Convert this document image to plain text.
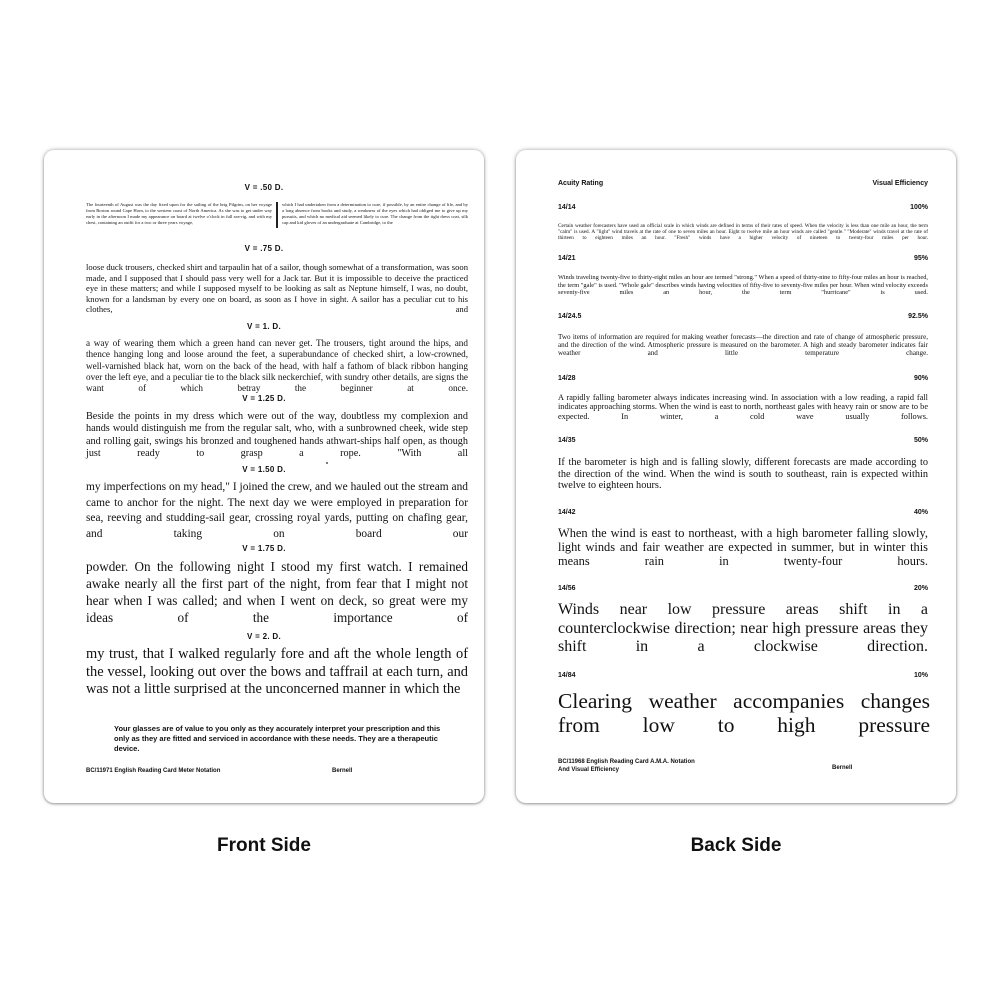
V = .50 D.
The fourteenth of August was the day fixed upon for the sailing of the brig Pilgrim, on her voyage from Boston round Cape Horn, to the western coast of North America. As she was to get under way early in the afternoon I made my appearance on board at twelve o'clock in full sea-rig, and with my chest, containing an outfit for a two or three years voyage,
which I had undertaken from a determination to cure, if possible, by an entire change of life, and by a long absence from books and study, a weakness of the eyes which had obliged me to give up my pursuits, and which no medical aid seemed likely to cure. The change from the tight dress coat, silk cap and kid gloves of an undergraduate at Cambridge, to the
V = .75 D.

loose duck trousers, checked shirt and tarpaulin hat of a sailor, though somewhat of a transformation, was soon made, and I supposed that I should pass very well for a Jack tar. But it is impossible to deceive the practiced eye in these matters; and while I supposed myself to be looking as salt as Neptune himself, I was, no doubt, known for a landsman by every one on board, as soon as I hove in sight. A sailor has a peculiar cut to his clothes, and

V = 1. D.

a way of wearing them which a green hand can never get. The trousers, tight around the hips, and thence hanging long and loose around the feet, a superabundance of checked shirt, a low-crowned, well-varnished black hat, worn on the back of the head, with half a fathom of black ribbon hanging over the left eye, and a peculiar tie to the black silk neckerchief, with sundry other details, are signs the want of which betray the beginner at once.

V = 1.25 D.

Beside the points in my dress which were out of the way, doubtless my complexion and hands would distinguish me from the regular salt, who, with a sunbrowned cheek, wide step and rolling gait, swings his bronzed and toughened hands athwart-ships half open, as though just ready to grasp a rope. "With all

V = 1.50 D.

my imperfections on my head," I joined the crew, and we hauled out the stream and came to anchor for the night. The next day we were employed in preparation for sea, reeving and studding-sail gear, crossing royal yards, putting on chafing gear, and taking on board our

V = 1.75 D.

powder. On the following night I stood my first watch. I remained awake nearly all the first part of the night, from fear that I might not hear when I was called; and when I went on deck, so great were my ideas of the importance of

V = 2. D.

my trust, that I walked regularly fore and aft the whole length of the vessel, looking out over the bows and taffrail at each turn, and was not a little surprised at the unconcerned manner in which the

Your glasses are of value to you only as they accurately interpret your prescription and this only as they are fitted and serviced in accordance with these needs. They are a therapeutic device.
BC/11971 English Reading Card Meter Notation	Bernell
Acuity Rating	Visual Efficiency
14/14	100%

Certain weather forecasters have used an official scale in which winds are defined in terms of their rates of speed. When the velocity is less than one mile an hour, the term "calm" is used. A "light" wind travels at the rate of one to seven miles an hour. Eight to twelve mile an hour winds are called "gentle." "Moderate" winds travel at the rate of thirteen to eighteen miles an hour. "Fresh" winds have a higher velocity of nineteen to twenty-four miles per hour.

14/21	95%

Winds traveling twenty-five to thirty-eight miles an hour are termed "strong." When a speed of thirty-nine to fifty-four miles an hour is reached, the term "gale" is used. "Whole gale" describes winds having velocities of fifty-five to seventy-five miles per hour. When wind velocity exceeds seventy-five miles an hour, the term "hurricane" is used.

14/24.5	92.5%

Two items of information are required for making weather forecasts—the direction and rate of change of atmospheric pressure, and the direction of the wind. Atmospheric pressure is measured on the barometer. A high and steady barometer indicates fair weather and little temperature change.

14/28	90%

A rapidly falling barometer always indicates increasing wind. In association with a low reading, a rapid fall indicates approaching storms. When the wind is east to north, northeast gales with heavy rain or snow are to be expected. In winter, a cold wave usually follows.

14/35	50%

If the barometer is high and is falling slowly, different forecasts are made according to the direction of the wind. When the wind is south to southeast, rain is expected within twelve to eighteen hours.

14/42	40%

When the wind is east to northeast, with a high barometer falling slowly, light winds and fair weather are expected in summer, but in winter this means rain in twenty-four hours.

14/56	20%

Winds near low pressure areas shift in a counterclockwise direction; near high pressure areas they shift in a clockwise direction.

14/84	10%

Clearing weather accompanies changes from low to high pressure

BC/11968 English Reading Card A.M.A. Notation
And Visual Efficiency	Bernell
Front Side	Back Side
